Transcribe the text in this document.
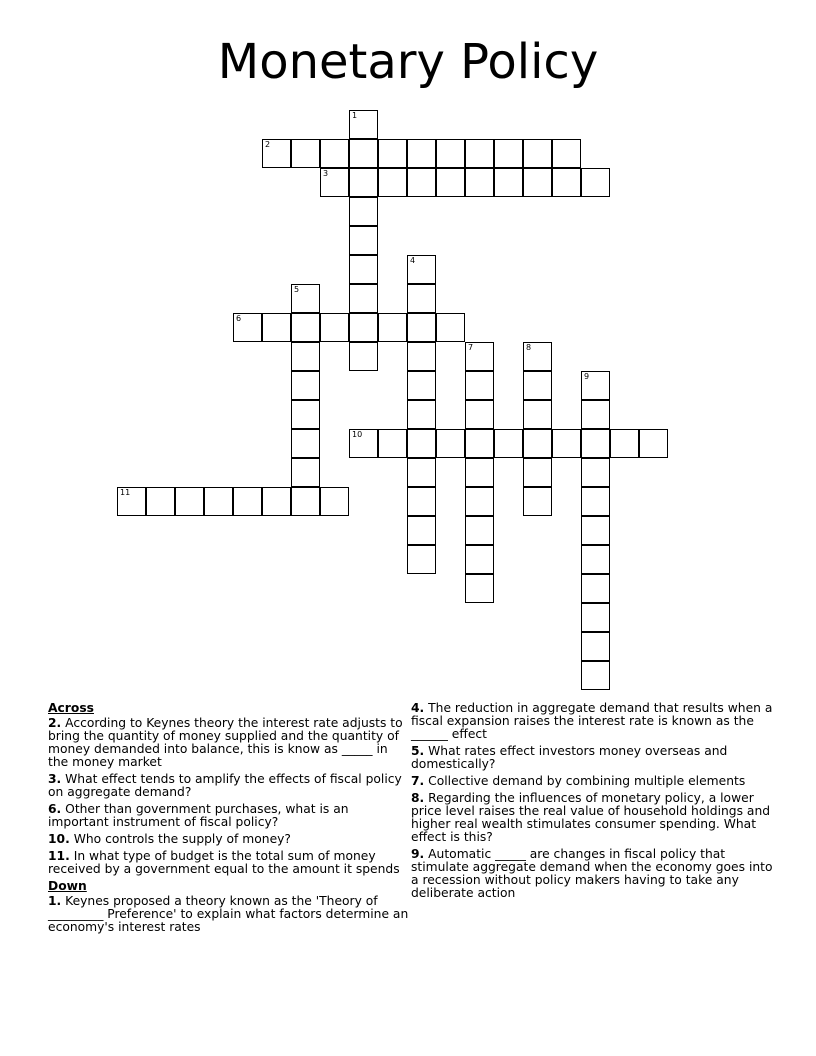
Monetary Policy
1
2
3
4
5
6
7	8
9
10
11
Across
2. According to Keynes theory the interest rate adjusts to bring the quantity of money supplied and the quantity of money demanded into balance, this is know as _____ in the money market
3. What effect tends to amplify the effects of fiscal policy on aggregate demand?
6. Other than government purchases, what is an important instrument of fiscal policy?
10. Who controls the supply of money?
11. In what type of budget is the total sum of money received by a government equal to the amount it spends
Down
1. Keynes proposed a theory known as the 'Theory of _________ Preference' to explain what factors determine an economy's interest rates
4. The reduction in aggregate demand that results when a fiscal expansion raises the interest rate is known as the ______ effect
5. What rates effect investors money overseas and domestically?
7. Collective demand by combining multiple elements
8. Regarding the influences of monetary policy, a lower price level raises the real value of household holdings and higher real wealth stimulates consumer spending. What effect is this?
9. Automatic _____ are changes in fiscal policy that stimulate aggregate demand when the economy goes into a recession without policy makers having to take any deliberate action
